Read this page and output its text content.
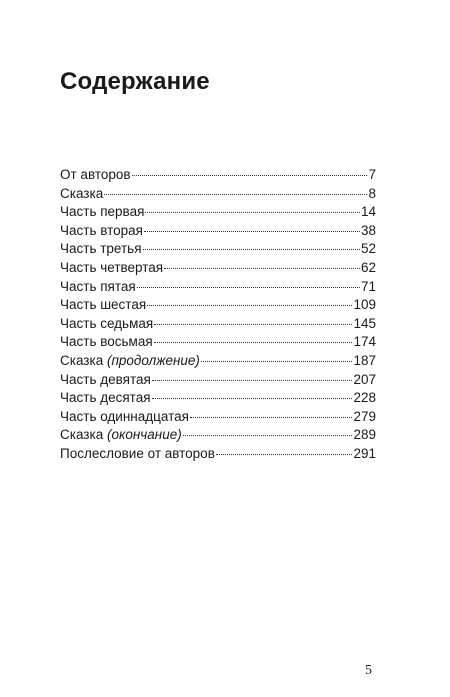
Содержание
От авторов	7
Сказка	8
Часть первая	14
Часть вторая	38
Часть третья	52
Часть четвертая	62
Часть пятая	71
Часть шестая	109
Часть седьмая	145
Часть восьмая	174
Сказка (продолжение)	187
Часть девятая	207
Часть десятая	228
Часть одиннадцатая	279
Сказка (окончание)	289
Послесловие от авторов	291
5
